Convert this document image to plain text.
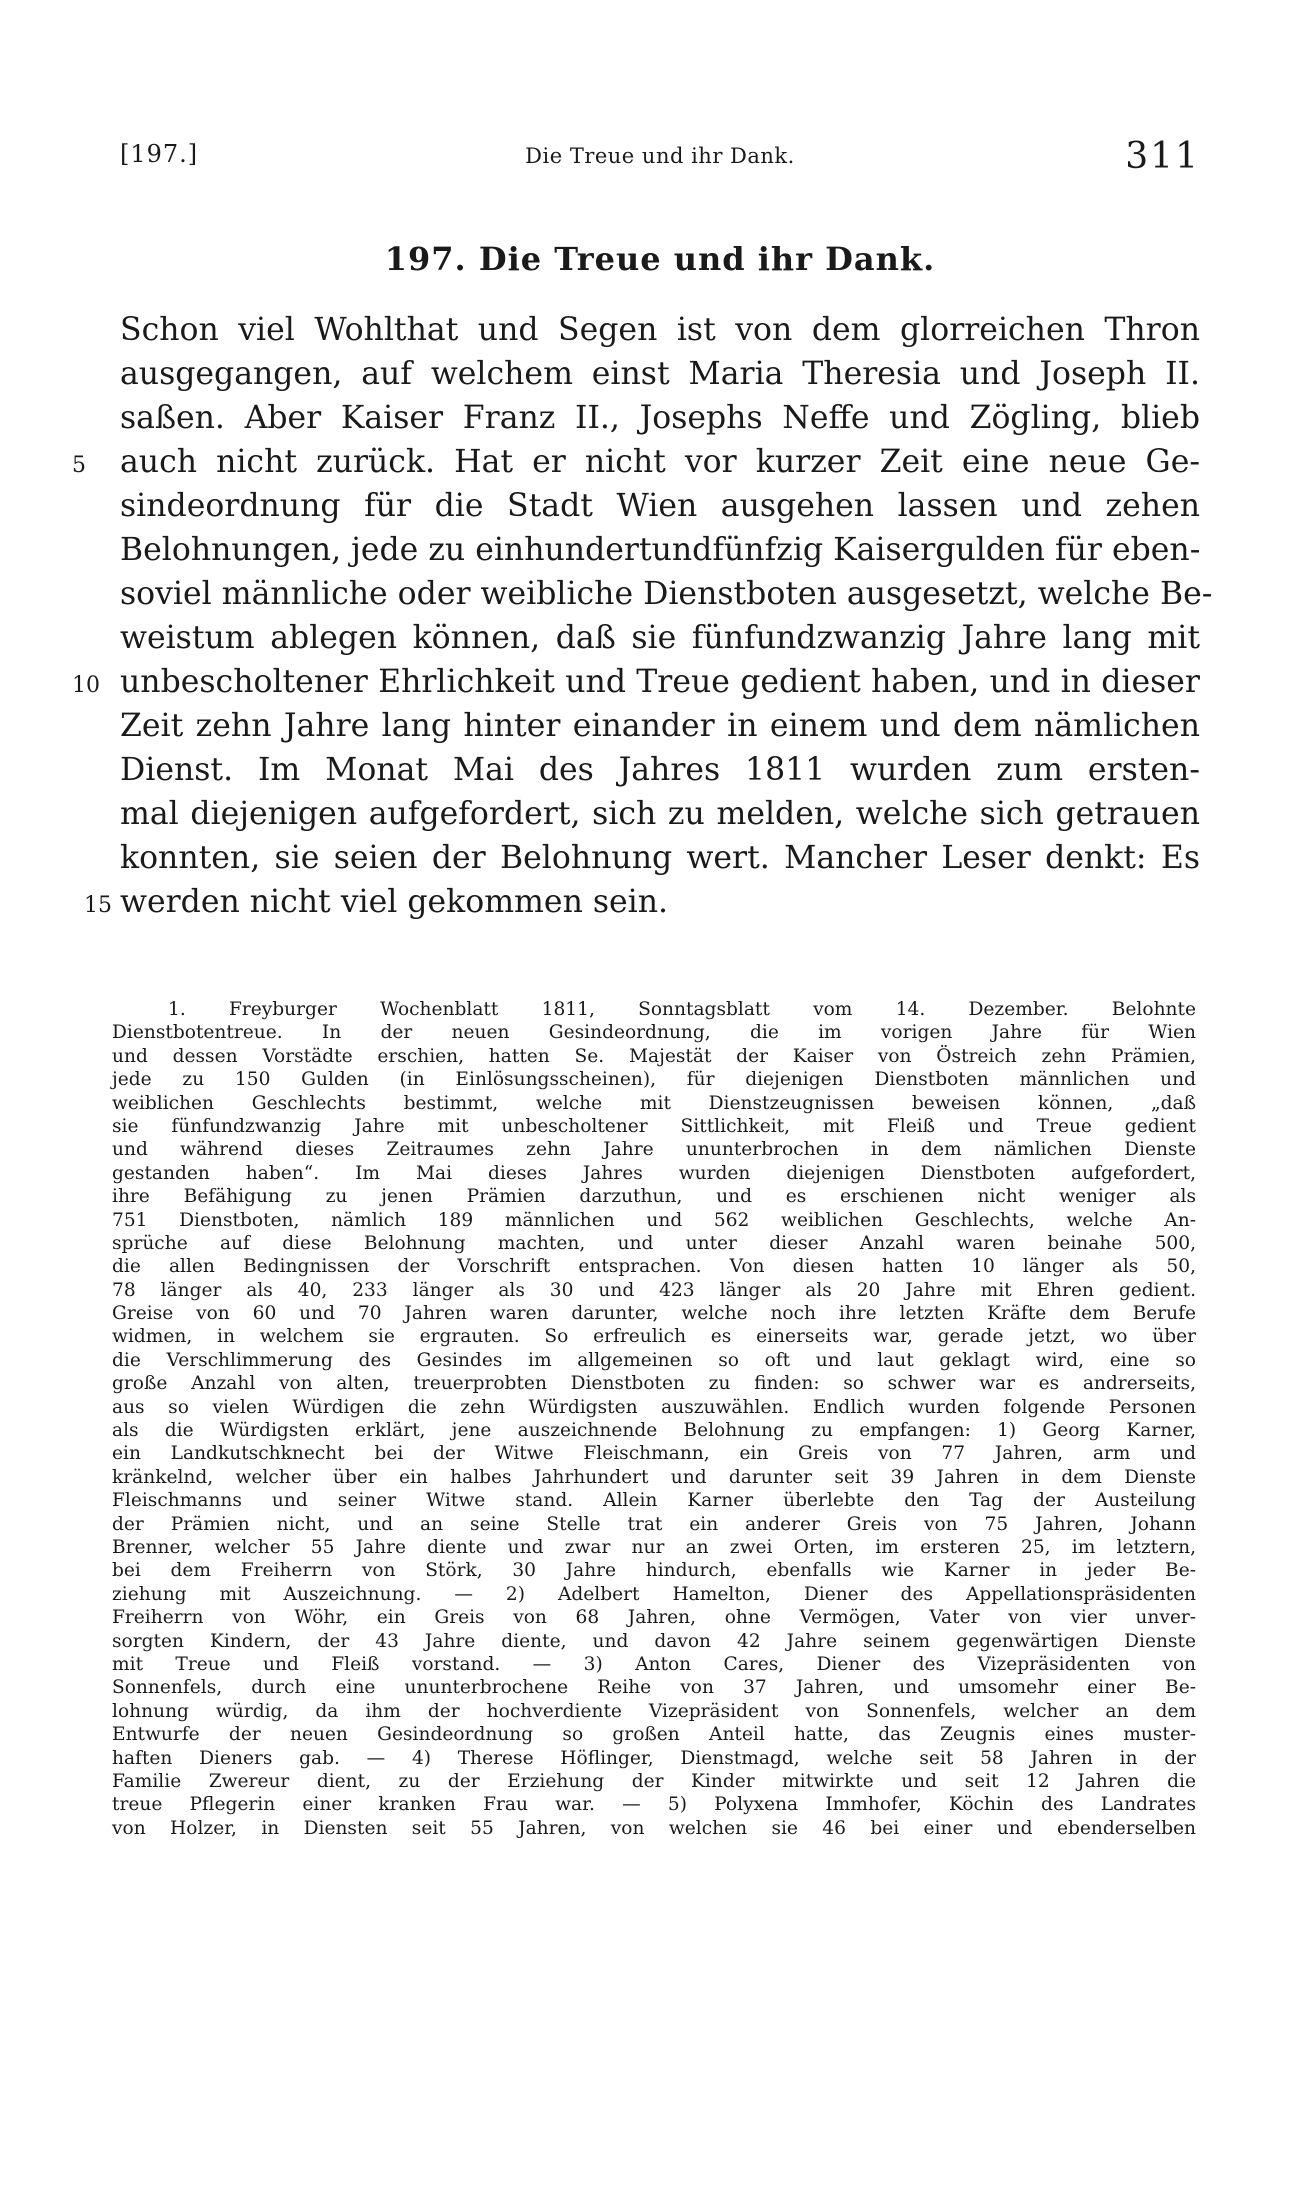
[197.]	Die Treue und ihr Dank.	311
197. Die Treue und ihr Dank.
Schon viel Wohlthat und Segen ist von dem glorreichen Thron
ausgegangen, auf welchem einst Maria Theresia und Joseph II.
saßen. Aber Kaiser Franz II., Josephs Neffe und Zögling, blieb
5	auch nicht zurück. Hat er nicht vor kurzer Zeit eine neue Ge-
sindeordnung für die Stadt Wien ausgehen lassen und zehen
Belohnungen, jede zu einhundertundfünfzig Kaisergulden für eben-
soviel männliche oder weibliche Dienstboten ausgesetzt, welche Be-
weistum ablegen können, daß sie fünfundzwanzig Jahre lang mit
10 unbescholtener Ehrlichkeit und Treue gedient haben, und in dieser
Zeit zehn Jahre lang hinter einander in einem und dem nämlichen
Dienst. Im Monat Mai des Jahres 1811 wurden zum ersten-
mal diejenigen aufgefordert, sich zu melden, welche sich getrauen
konnten, sie seien der Belohnung wert. Mancher Leser denkt: Es
15 werden nicht viel gekommen sein.
1. Freyburger Wochenblatt 1811, Sonntagsblatt vom 14. Dezember. Belohnte
Dienstbotentreue. In der neuen Gesindeordnung, die im vorigen Jahre für Wien
und dessen Vorstädte erschien, hatten Se. Majestät der Kaiser von Östreich zehn Prämien,
jede zu 150 Gulden (in Einlösungsscheinen), für diejenigen Dienstboten männlichen und
weiblichen Geschlechts bestimmt, welche mit Dienstzeugnissen beweisen können, „daß
sie fünfundzwanzig Jahre mit unbescholtener Sittlichkeit, mit Fleiß und Treue gedient
und während dieses Zeitraumes zehn Jahre ununterbrochen in dem nämlichen Dienste
gestanden haben“. Im Mai dieses Jahres wurden diejenigen Dienstboten aufgefordert,
ihre Befähigung zu jenen Prämien darzuthun, und es erschienen nicht weniger als
751 Dienstboten, nämlich 189 männlichen und 562 weiblichen Geschlechts, welche An-
sprüche auf diese Belohnung machten, und unter dieser Anzahl waren beinahe 500,
die allen Bedingnissen der Vorschrift entsprachen. Von diesen hatten 10 länger als 50,
78 länger als 40, 233 länger als 30 und 423 länger als 20 Jahre mit Ehren gedient.
Greise von 60 und 70 Jahren waren darunter, welche noch ihre letzten Kräfte dem Berufe
widmen, in welchem sie ergrauten. So erfreulich es einerseits war, gerade jetzt, wo über
die Verschlimmerung des Gesindes im allgemeinen so oft und laut geklagt wird, eine so
große Anzahl von alten, treuerprobten Dienstboten zu finden: so schwer war es andrerseits,
aus so vielen Würdigen die zehn Würdigsten auszuwählen. Endlich wurden folgende Personen
als die Würdigsten erklärt, jene auszeichnende Belohnung zu empfangen: 1) Georg Karner,
ein Landkutschknecht bei der Witwe Fleischmann, ein Greis von 77 Jahren, arm und
kränkelnd, welcher über ein halbes Jahrhundert und darunter seit 39 Jahren in dem Dienste
Fleischmanns und seiner Witwe stand. Allein Karner überlebte den Tag der Austeilung
der Prämien nicht, und an seine Stelle trat ein anderer Greis von 75 Jahren, Johann
Brenner, welcher 55 Jahre diente und zwar nur an zwei Orten, im ersteren 25, im letztern,
bei dem Freiherrn von Störk, 30 Jahre hindurch, ebenfalls wie Karner in jeder Be-
ziehung mit Auszeichnung. — 2) Adelbert Hamelton, Diener des Appellationspräsidenten
Freiherrn von Wöhr, ein Greis von 68 Jahren, ohne Vermögen, Vater von vier unver-
sorgten Kindern, der 43 Jahre diente, und davon 42 Jahre seinem gegenwärtigen Dienste
mit Treue und Fleiß vorstand. — 3) Anton Cares, Diener des Vizepräsidenten von
Sonnenfels, durch eine ununterbrochene Reihe von 37 Jahren, und umsomehr einer Be-
lohnung würdig, da ihm der hochverdiente Vizepräsident von Sonnenfels, welcher an dem
Entwurfe der neuen Gesindeordnung so großen Anteil hatte, das Zeugnis eines muster-
haften Dieners gab. — 4) Therese Höflinger, Dienstmagd, welche seit 58 Jahren in der
Familie Zwereur dient, zu der Erziehung der Kinder mitwirkte und seit 12 Jahren die
treue Pflegerin einer kranken Frau war. — 5) Polyxena Immhofer, Köchin des Landrates
von Holzer, in Diensten seit 55 Jahren, von welchen sie 46 bei einer und ebenderselben
